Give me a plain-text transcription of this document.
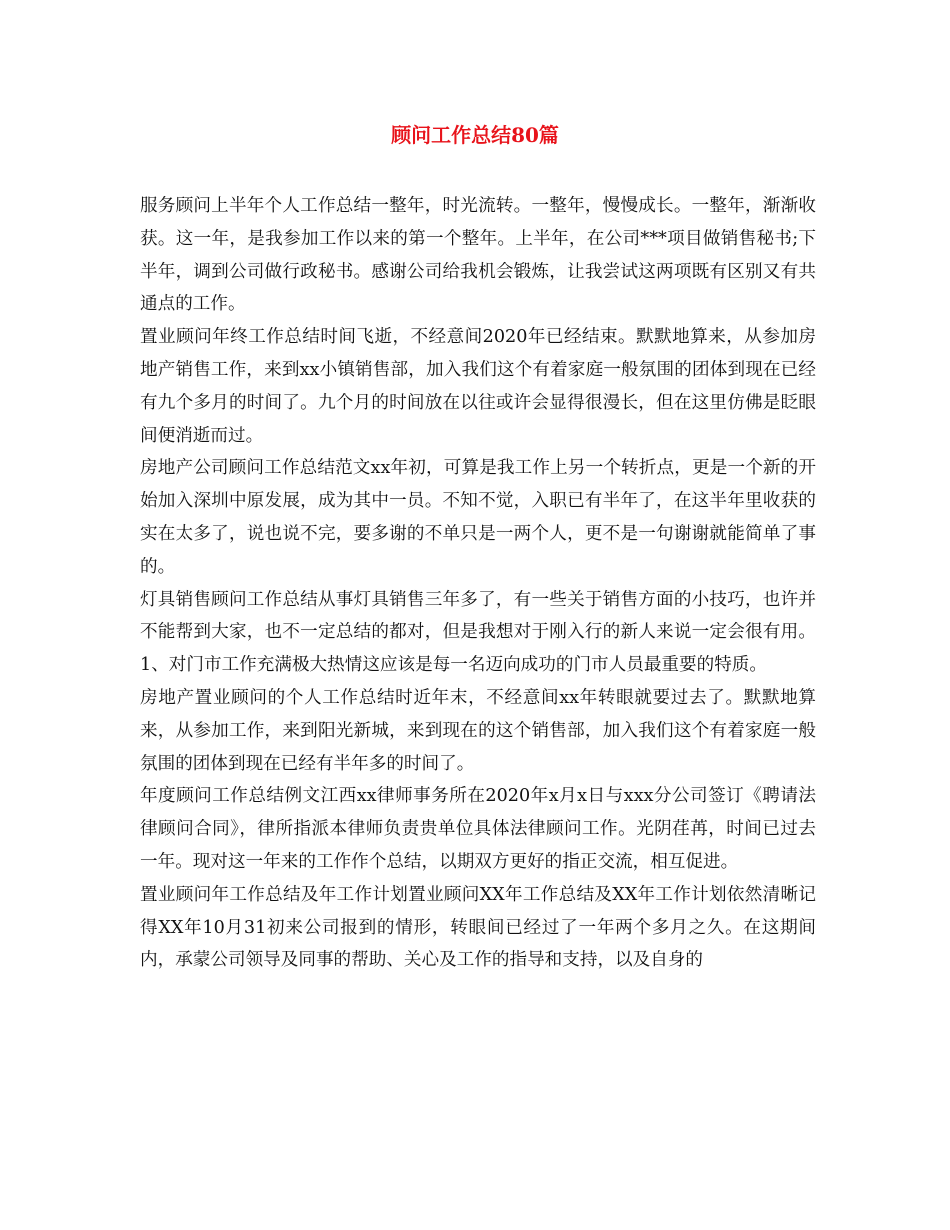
顾问工作总结80篇

服务顾问上半年个人工作总结一整年，时光流转。一整年，慢慢成长。一整年，渐渐收获。这一年，是我参加工作以来的第一个整年。上半年，在公司***项目做销售秘书;下半年，调到公司做行政秘书。感谢公司给我机会锻炼，让我尝试这两项既有区别又有共通点的工作。

置业顾问年终工作总结时间飞逝，不经意间2020年已经结束。默默地算来，从参加房地产销售工作，来到xx小镇销售部，加入我们这个有着家庭一般氛围的团体到现在已经有九个多月的时间了。九个月的时间放在以往或许会显得很漫长，但在这里仿佛是眨眼间便消逝而过。

房地产公司顾问工作总结范文xx年初，可算是我工作上另一个转折点，更是一个新的开始加入深圳中原发展，成为其中一员。不知不觉，入职已有半年了，在这半年里收获的实在太多了，说也说不完，要多谢的不单只是一两个人，更不是一句谢谢就能简单了事的。

灯具销售顾问工作总结从事灯具销售三年多了，有一些关于销售方面的小技巧，也许并不能帮到大家，也不一定总结的都对，但是我想对于刚入行的新人来说一定会很有用。1、对门市工作充满极大热情这应该是每一名迈向成功的门市人员最重要的特质。

房地产置业顾问的个人工作总结时近年末，不经意间xx年转眼就要过去了。默默地算来，从参加工作，来到阳光新城，来到现在的这个销售部，加入我们这个有着家庭一般氛围的团体到现在已经有半年多的时间了。

年度顾问工作总结例文江西xx律师事务所在2020年x月x日与xxx分公司签订《聘请法律顾问合同》，律所指派本律师负责贵单位具体法律顾问工作。光阴荏苒，时间已过去一年。现对这一年来的工作作个总结，以期双方更好的指正交流，相互促进。

置业顾问年工作总结及年工作计划置业顾问XX年工作总结及XX年工作计划依然清晰记得XX年10月31初来公司报到的情形，转眼间已经过了一年两个多月之久。在这期间内，承蒙公司领导及同事的帮助、关心及工作的指导和支持，以及自身的
